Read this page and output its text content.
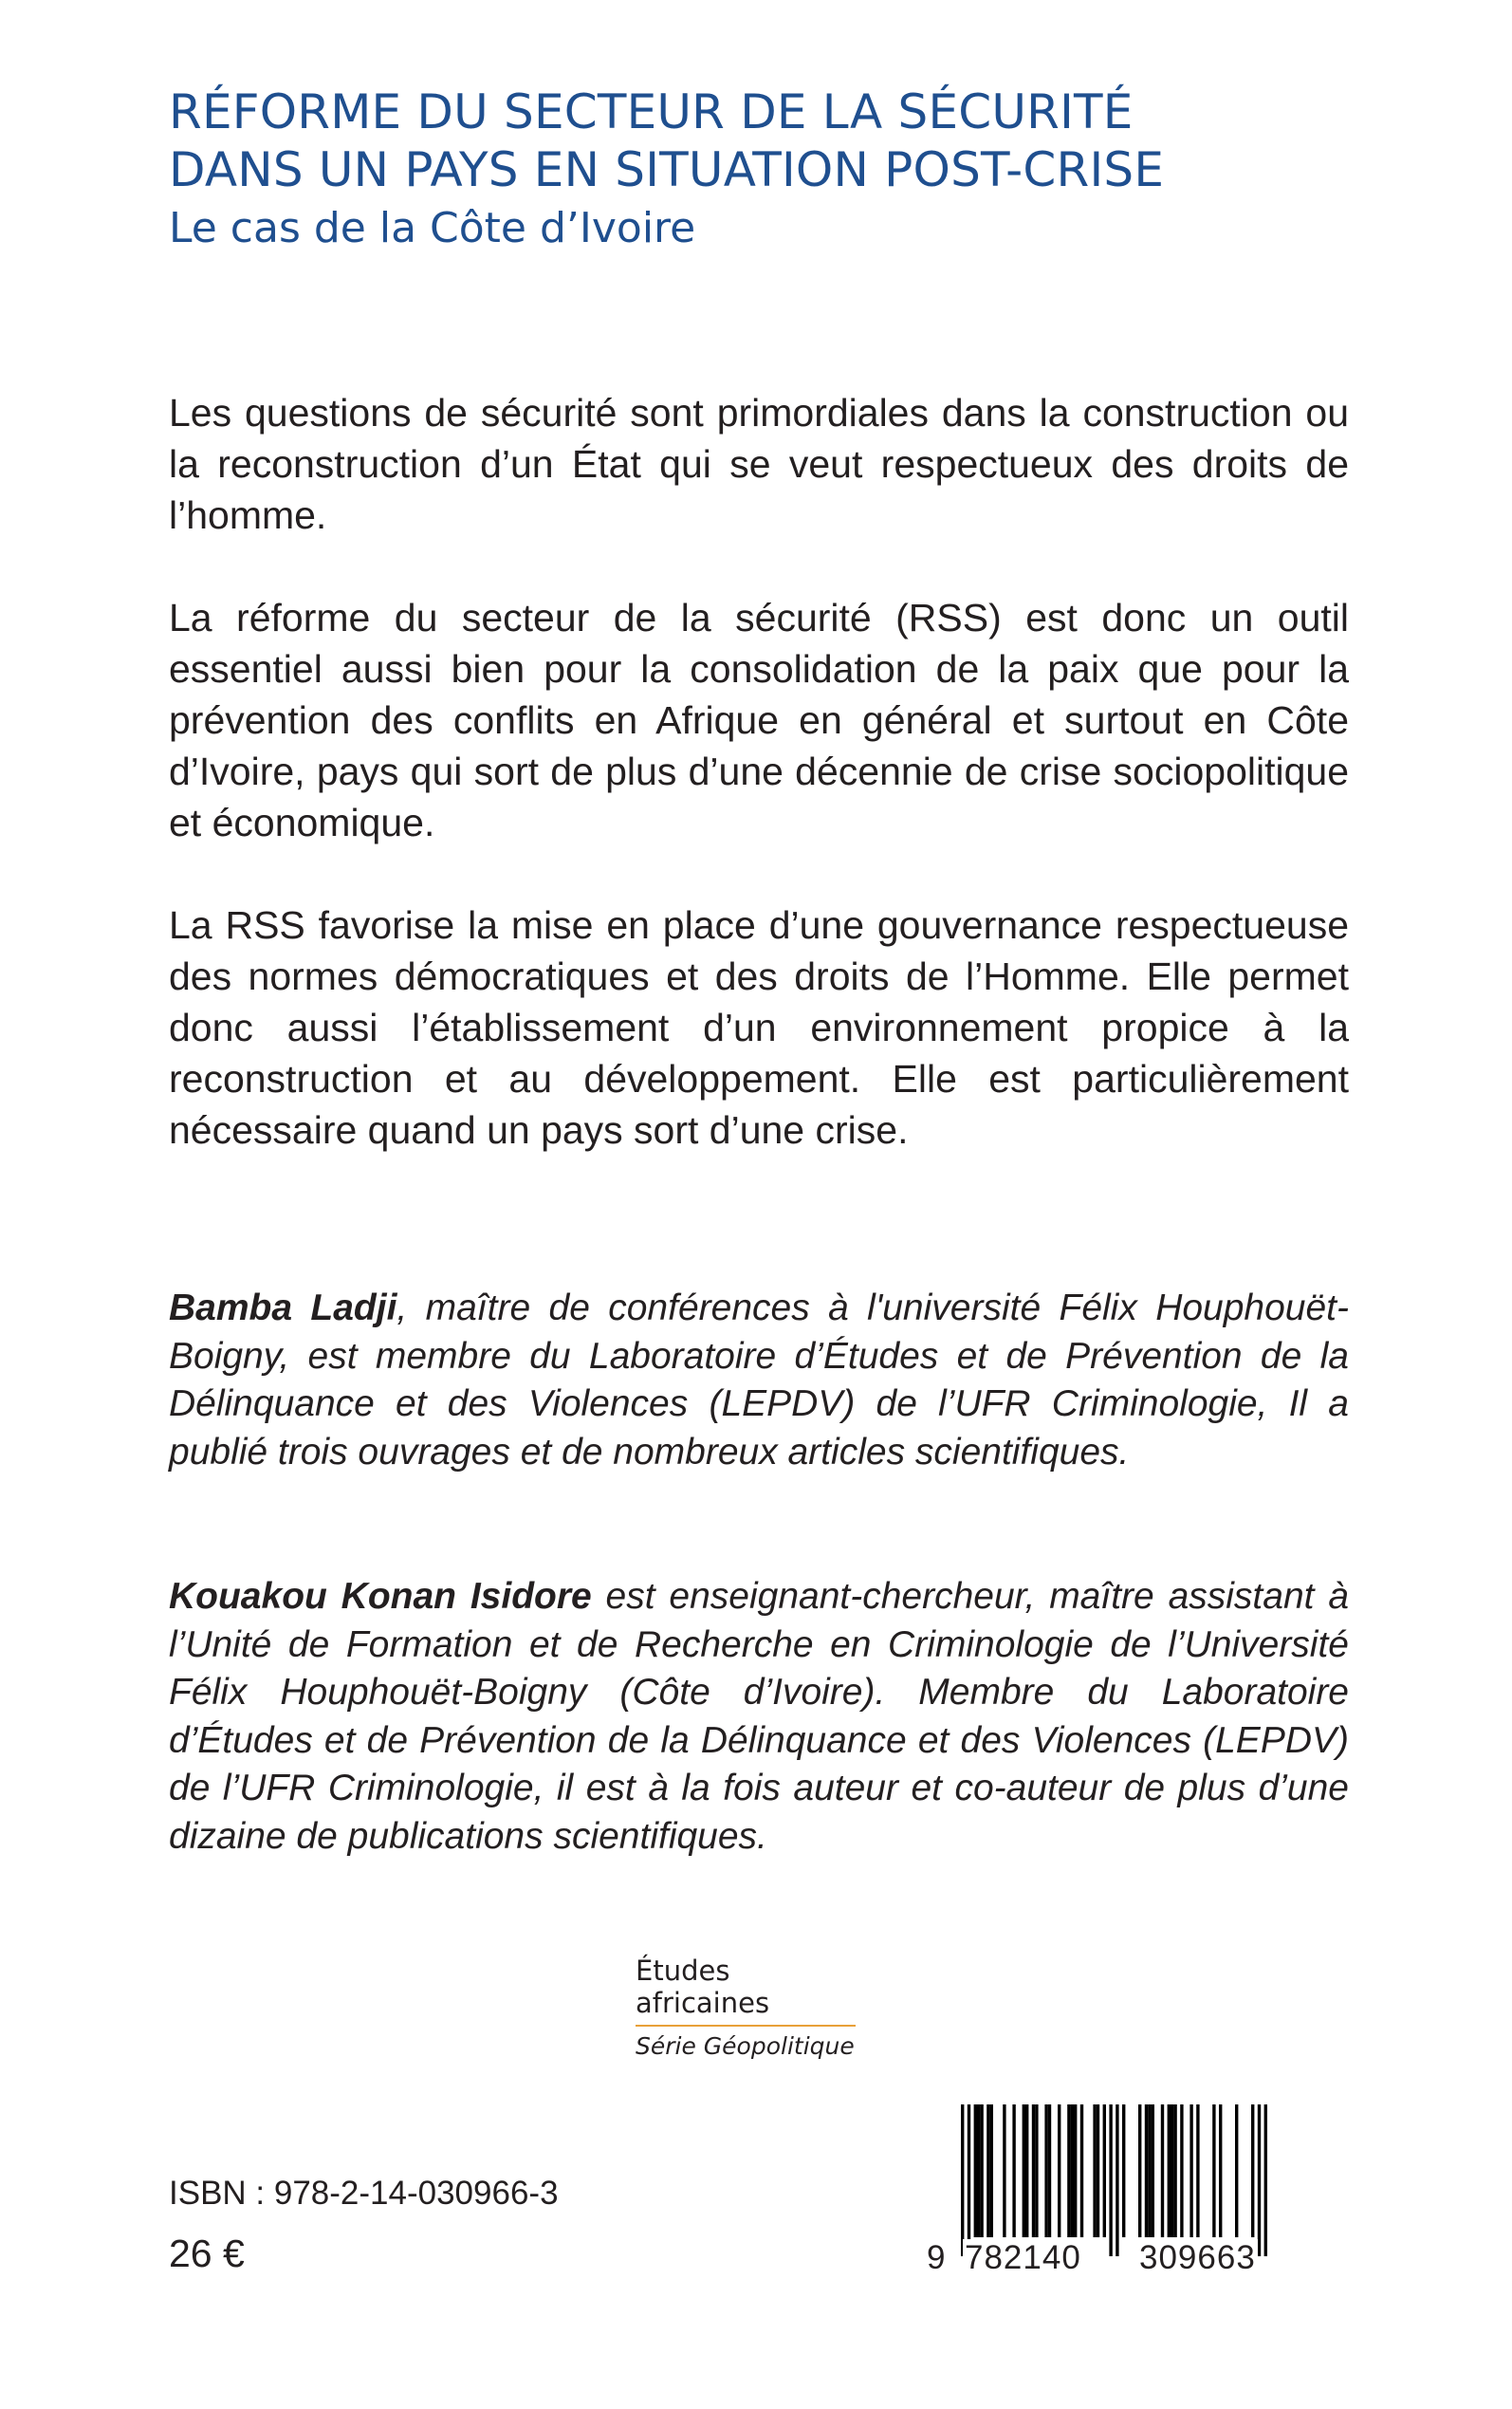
RÉFORME DU SECTEUR DE LA SÉCURITÉ
DANS UN PAYS EN SITUATION POST-CRISE
Le cas de la Côte d’Ivoire

Les questions de sécurité sont primordiales dans la construction ou la reconstruction d’un État qui se veut respectueux des droits de l’homme.

La réforme du secteur de la sécurité (RSS) est donc un outil essentiel aussi bien pour la consolidation de la paix que pour la prévention des conflits en Afrique en général et surtout en Côte d’Ivoire, pays qui sort de plus d’une décennie de crise sociopolitique et économique.

La RSS favorise la mise en place d’une gouvernance respectueuse des normes démocratiques et des droits de l’Homme. Elle permet donc aussi l’établissement d’un environnement propice à la reconstruction et au développement. Elle est particulièrement nécessaire quand un pays sort d’une crise.

Bamba Ladji, maître de conférences à l'université Félix Houphouët-Boigny, est membre du Laboratoire d’Études et de Prévention de la Délinquance et des Violences (LEPDV) de l’UFR Criminologie, Il a publié trois ouvrages et de nombreux articles scientifiques.

Kouakou Konan Isidore est enseignant-chercheur, maître assistant à l’Unité de Formation et de Recherche en Criminologie de l’Université Félix Houphouët-Boigny (Côte d’Ivoire). Membre du Laboratoire d’Études et de Prévention de la Délinquance et des Violences (LEPDV) de l’UFR Criminologie, il est à la fois auteur et co-auteur de plus d’une dizaine de publications scientifiques.

Études africaines
Série Géopolitique
ISBN : 978-2-14-030966-3
26 €	9 782140 309663
